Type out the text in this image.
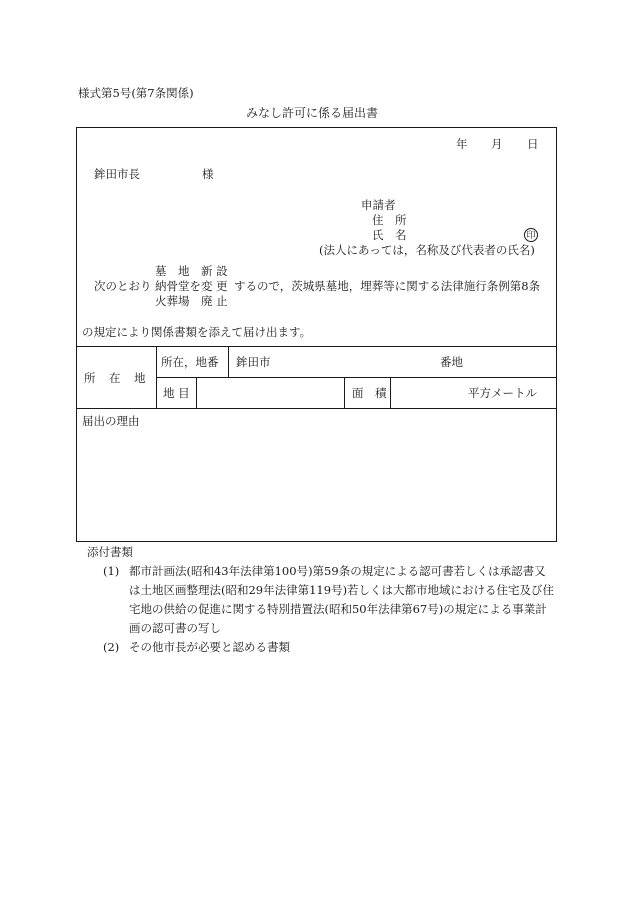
様式第5号(第7条関係)
みなし許可に係る届出書
年 月 日
鉾田市長	様
申請者
住　所
氏　名	印
(法人にあっては，名称及び代表者の氏名)
墓　地　新 設
次のとおり 納骨堂を変 更 するので，茨城県墓地，埋葬等に関する法律施行条例第8条
火葬場　廃 止
の規定により関係書類を添えて届け出ます。
所　在　地
所在，地番 鉾田市	番地
地 目	面　積	平方メートル
届出の理由
添付書類
(1) 都市計画法(昭和43年法律第100号)第59条の規定による認可書若しくは承認書又
は土地区画整理法(昭和29年法律第119号)若しくは大都市地域における住宅及び住
宅地の供給の促進に関する特別措置法(昭和50年法律第67号)の規定による事業計
画の認可書の写し
(2) その他市長が必要と認める書類
